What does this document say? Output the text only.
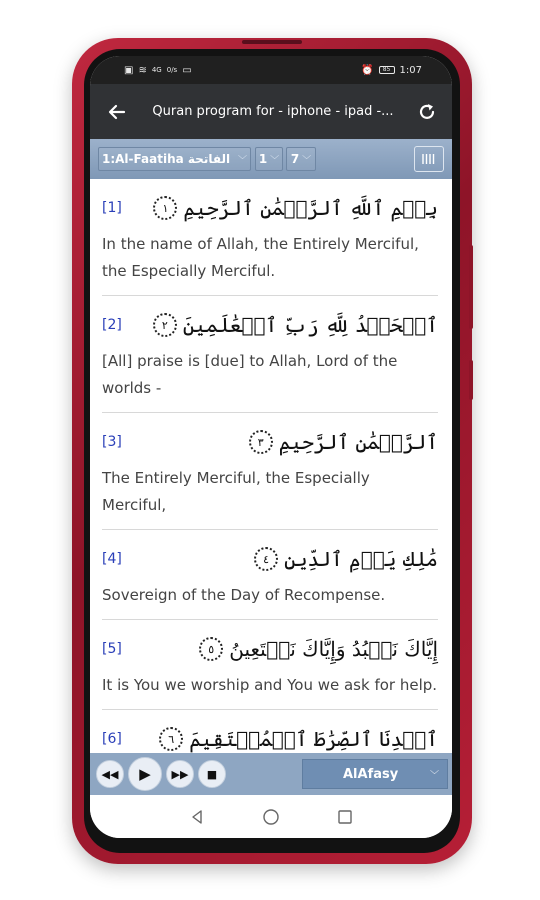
▣ ≋ 4G 0/s ▭	⏰	85 1:07
Quran program for - iphone - ipad -...
1:Al-Faatiha الفاتحة ﹀ 1 ﹀ 7 ﹀
[1]	بِسۡمِ ٱللَّهِ ٱلرَّحۡمَٰنِ ٱلرَّحِيمِ
١
In the name of Allah, the Entirely Merciful, the Especially Merciful.
[2]	ٱلۡحَمۡدُ لِلَّهِ رَبِّ ٱلۡعَٰلَمِينَ
٢
[All] praise is [due] to Allah, Lord of the worlds -
[3]	ٱلرَّحۡمَٰنِ ٱلرَّحِيمِ
٣
The Entirely Merciful, the Especially Merciful,
[4]	مَٰلِكِ يَوۡمِ ٱلدِّينِ
٤
Sovereign of the Day of Recompense.
[5]	إِيَّاكَ نَعۡبُدُ وَإِيَّاكَ نَسۡتَعِينُ
٥
It is You we worship and You we ask for help.
[6]	ٱهۡدِنَا ٱلصِّرَٰطَ ٱلۡمُسۡتَقِيمَ
٦
◀◀ ▶ ▶▶ ■	AlAfasy	﹀
